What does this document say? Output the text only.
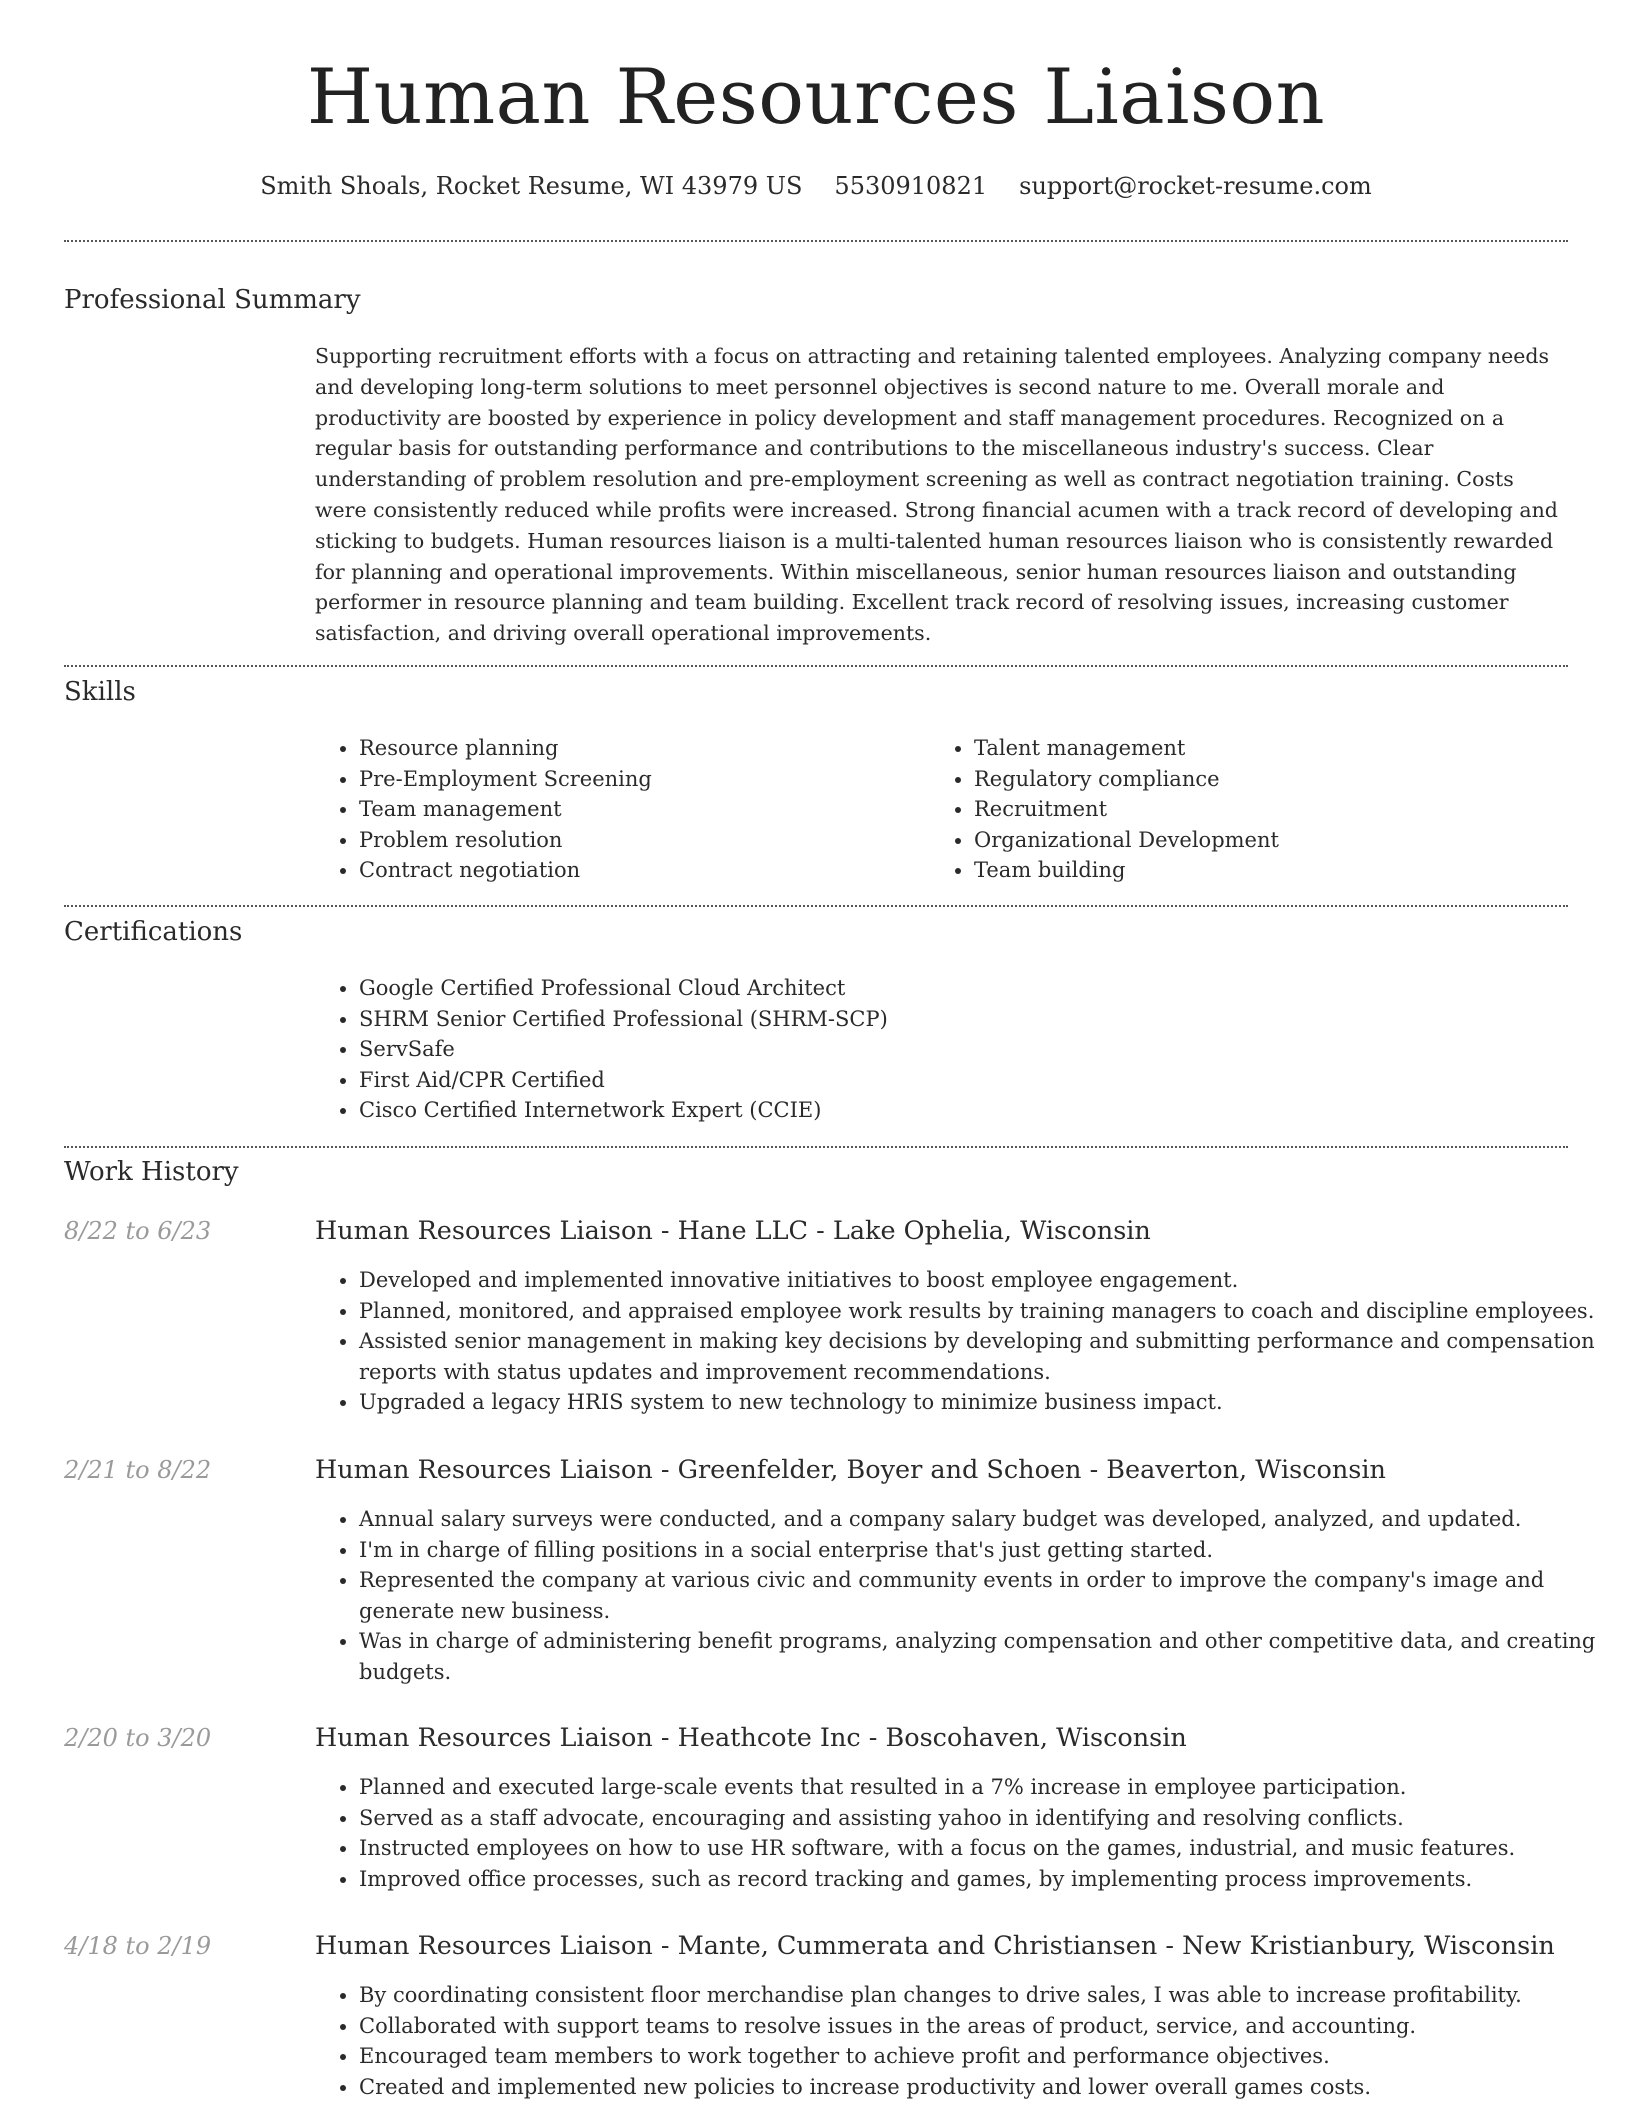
Human Resources Liaison
Smith Shoals, Rocket Resume, WI 43979 US 5530910821 support@rocket-resume.com
Professional Summary
Supporting recruitment efforts with a focus on attracting and retaining talented employees. Analyzing company needs and developing long-term solutions to meet personnel objectives is second nature to me. Overall morale and productivity are boosted by experience in policy development and staff management procedures. Recognized on a regular basis for outstanding performance and contributions to the miscellaneous industry's success. Clear understanding of problem resolution and pre-employment screening as well as contract negotiation training. Costs were consistently reduced while profits were increased. Strong financial acumen with a track record of developing and sticking to budgets. Human resources liaison is a multi-talented human resources liaison who is consistently rewarded for planning and operational improvements. Within miscellaneous, senior human resources liaison and outstanding performer in resource planning and team building. Excellent track record of resolving issues, increasing customer satisfaction, and driving overall operational improvements.
Skills
• Resource planning
• Pre-Employment Screening
• Team management
• Problem resolution
• Contract negotiation
• Talent management
• Regulatory compliance
• Recruitment
• Organizational Development
• Team building
Certifications
• Google Certified Professional Cloud Architect
• SHRM Senior Certified Professional (SHRM-SCP)
• ServSafe
• First Aid/CPR Certified
• Cisco Certified Internetwork Expert (CCIE)
Work History
8/22 to 6/23	Human Resources Liaison - Hane LLC - Lake Ophelia, Wisconsin
• Developed and implemented innovative initiatives to boost employee engagement.
• Planned, monitored, and appraised employee work results by training managers to coach and discipline employees.
• Assisted senior management in making key decisions by developing and submitting performance and compensation reports with status updates and improvement recommendations.
• Upgraded a legacy HRIS system to new technology to minimize business impact.
2/21 to 8/22	Human Resources Liaison - Greenfelder, Boyer and Schoen - Beaverton, Wisconsin
• Annual salary surveys were conducted, and a company salary budget was developed, analyzed, and updated.
• I'm in charge of filling positions in a social enterprise that's just getting started.
• Represented the company at various civic and community events in order to improve the company's image and generate new business.
• Was in charge of administering benefit programs, analyzing compensation and other competitive data, and creating budgets.
2/20 to 3/20	Human Resources Liaison - Heathcote Inc - Boscohaven, Wisconsin
• Planned and executed large-scale events that resulted in a 7% increase in employee participation.
• Served as a staff advocate, encouraging and assisting yahoo in identifying and resolving conflicts.
• Instructed employees on how to use HR software, with a focus on the games, industrial, and music features.
• Improved office processes, such as record tracking and games, by implementing process improvements.
4/18 to 2/19	Human Resources Liaison - Mante, Cummerata and Christiansen - New Kristianbury, Wisconsin
• By coordinating consistent floor merchandise plan changes to drive sales, I was able to increase profitability.
• Collaborated with support teams to resolve issues in the areas of product, service, and accounting.
• Encouraged team members to work together to achieve profit and performance objectives.
• Created and implemented new policies to increase productivity and lower overall games costs.
